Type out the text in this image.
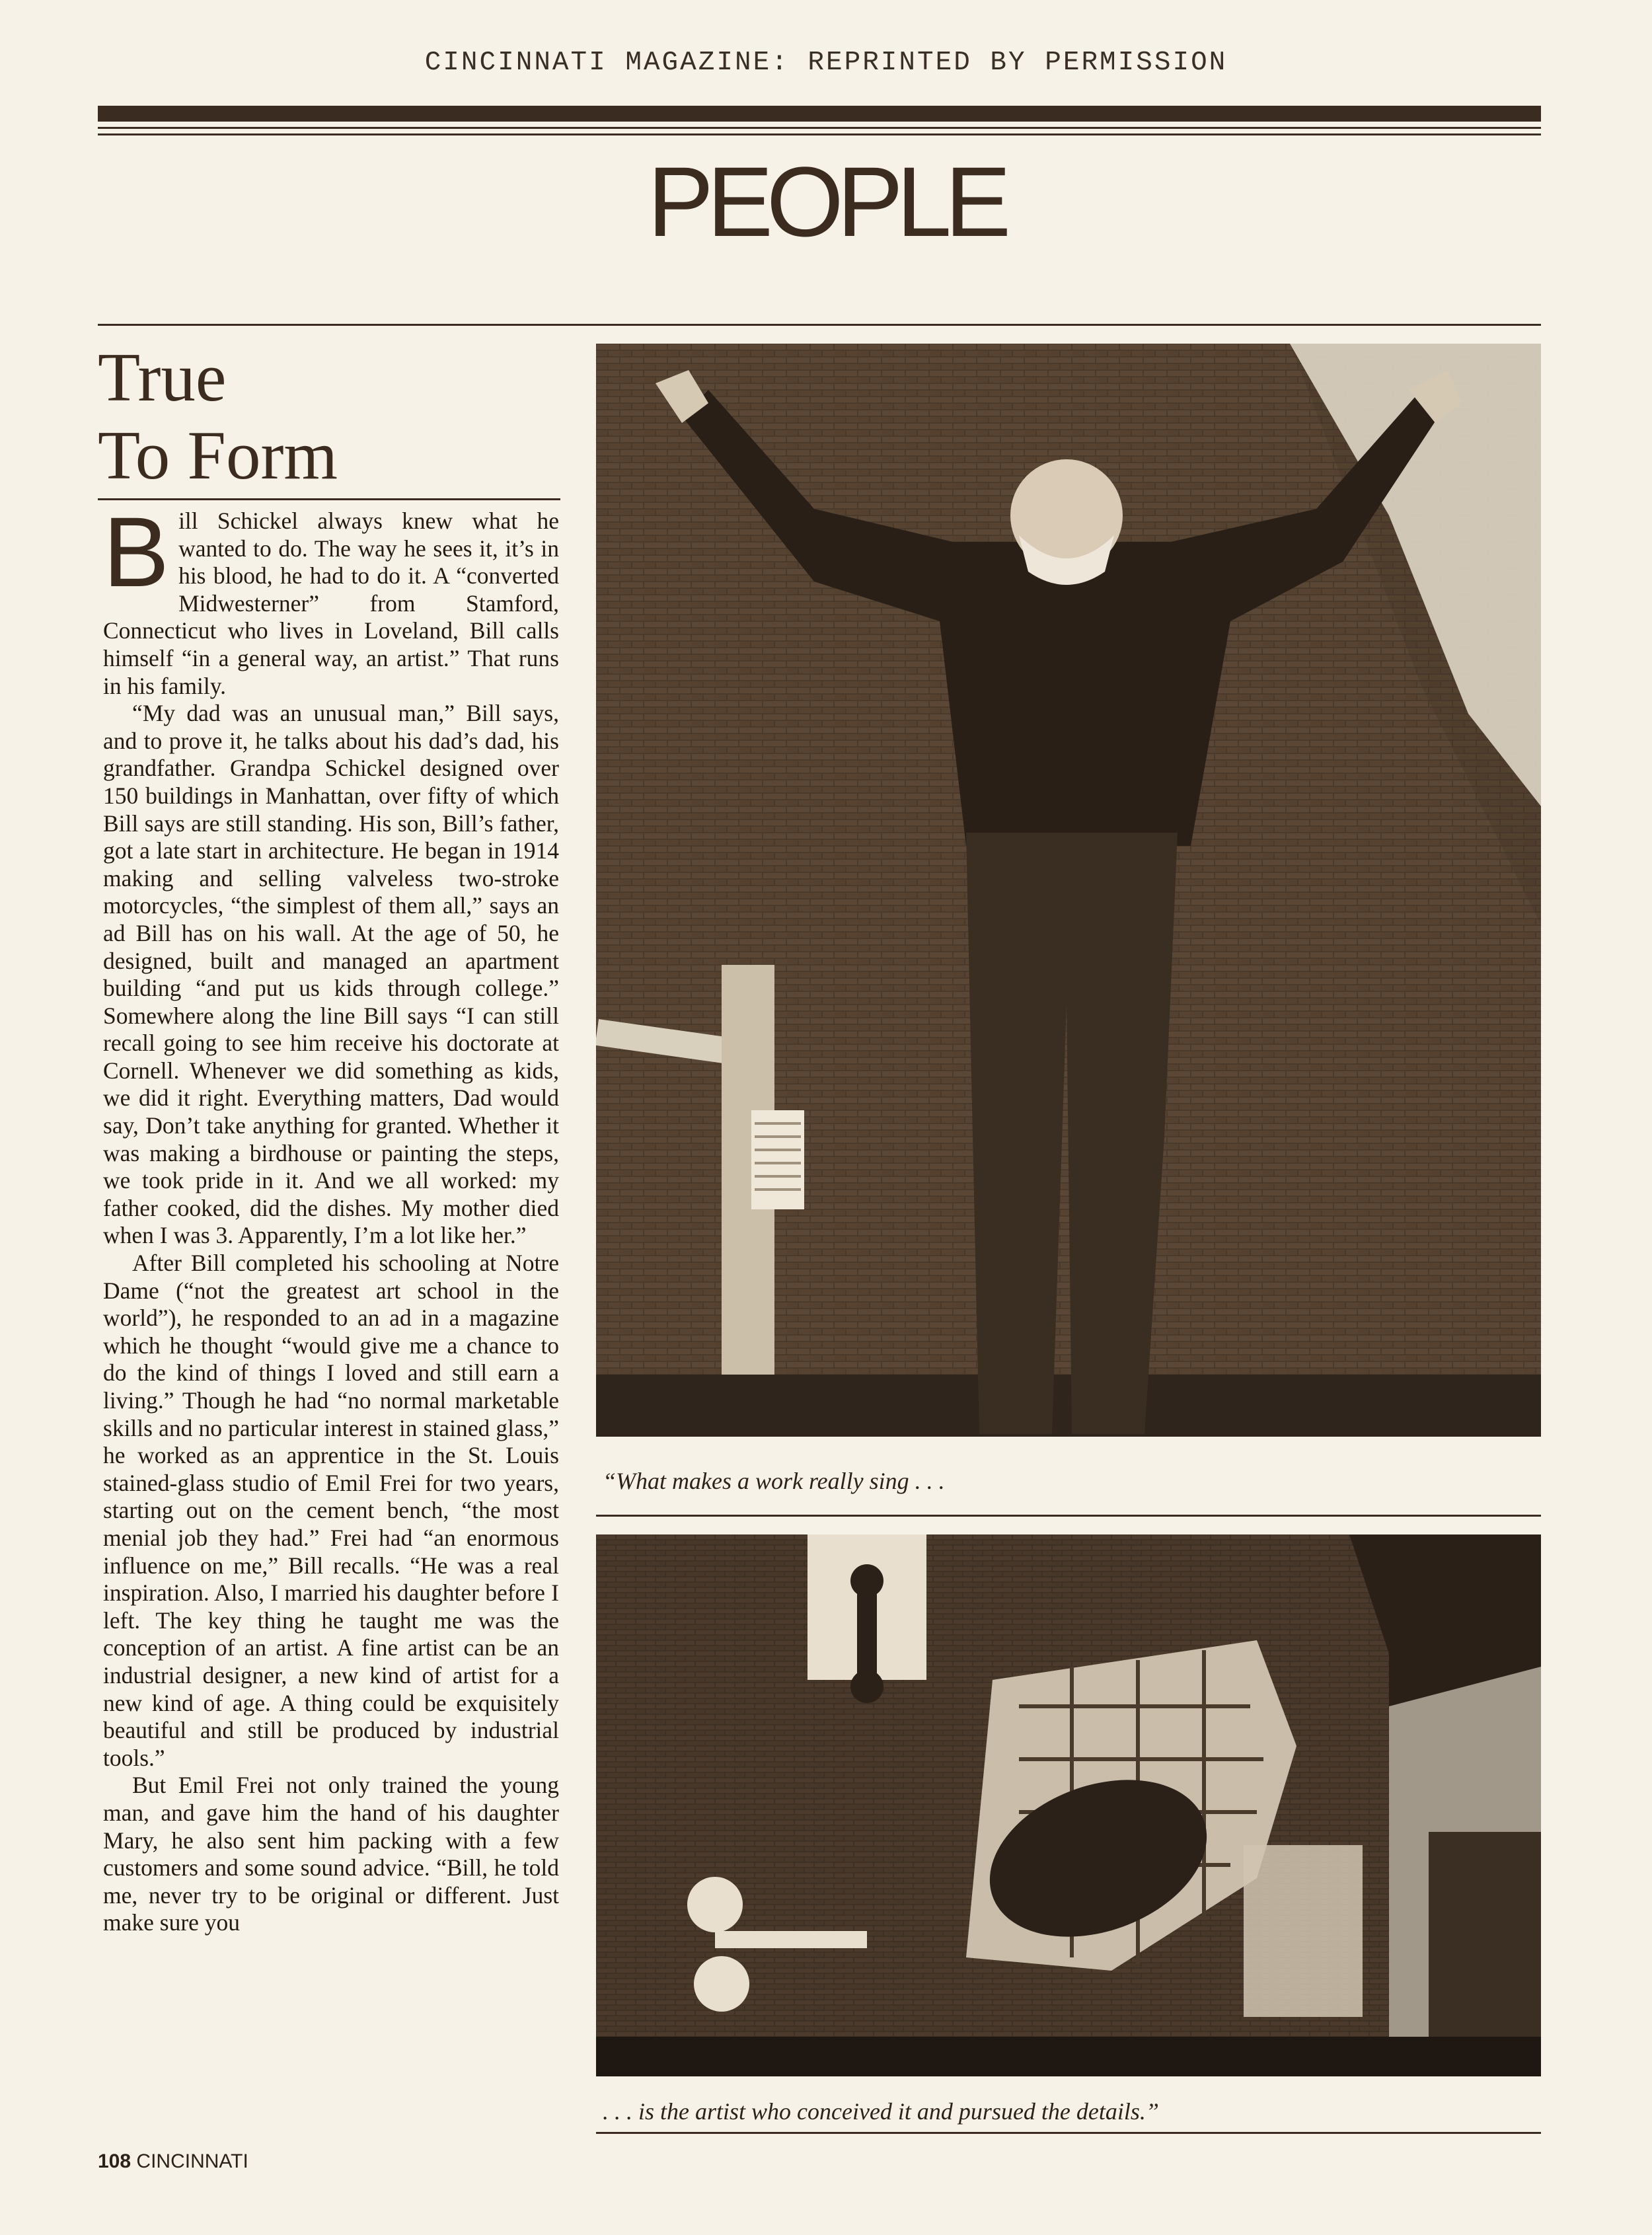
CINCINNATI MAGAZINE: REPRINTED BY PERMISSION
PEOPLE
True
To Form

Bill Schickel always knew what he wanted to do. The way he sees it, it’s in his blood, he had to do it. A “converted Midwesterner” from Stamford, Connecticut who lives in Loveland, Bill calls himself “in a general way, an artist.” That runs in his family.

“My dad was an unusual man,” Bill says, and to prove it, he talks about his dad’s dad, his grandfather. Grandpa Schickel designed over 150 buildings in Manhattan, over fifty of which Bill says are still standing. His son, Bill’s father, got a late start in architecture. He began in 1914 making and selling valveless two-stroke motorcycles, “the simplest of them all,” says an ad Bill has on his wall. At the age of 50, he designed, built and managed an apartment building “and put us kids through college.” Somewhere along the line Bill says “I can still recall going to see him receive his doctorate at Cornell. Whenever we did something as kids, we did it right. Everything matters, Dad would say, Don’t take anything for granted. Whether it was making a birdhouse or painting the steps, we took pride in it. And we all worked: my father cooked, did the dishes. My mother died when I was 3. Apparently, I’m a lot like her.”

After Bill completed his schooling at Notre Dame (“not the greatest art school in the world”), he responded to an ad in a magazine which he thought “would give me a chance to do the kind of things I loved and still earn a living.” Though he had “no normal marketable skills and no particular interest in stained glass,” he worked as an apprentice in the St. Louis stained-glass studio of Emil Frei for two years, starting out on the cement bench, “the most menial job they had.” Frei had “an enormous influence on me,” Bill recalls. “He was a real inspiration. Also, I married his daughter before I left. The key thing he taught me was the conception of an artist. A fine artist can be an industrial designer, a new kind of artist for a new kind of age. A thing could be exquisitely beautiful and still be produced by industrial tools.”

But Emil Frei not only trained the young man, and gave him the hand of his daughter Mary, he also sent him packing with a few customers and some sound advice. “Bill, he told me, never try to be original or different. Just make sure you

“What makes a work really sing . . .
. . . is the artist who conceived it and pursued the details.”
108 CINCINNATI
